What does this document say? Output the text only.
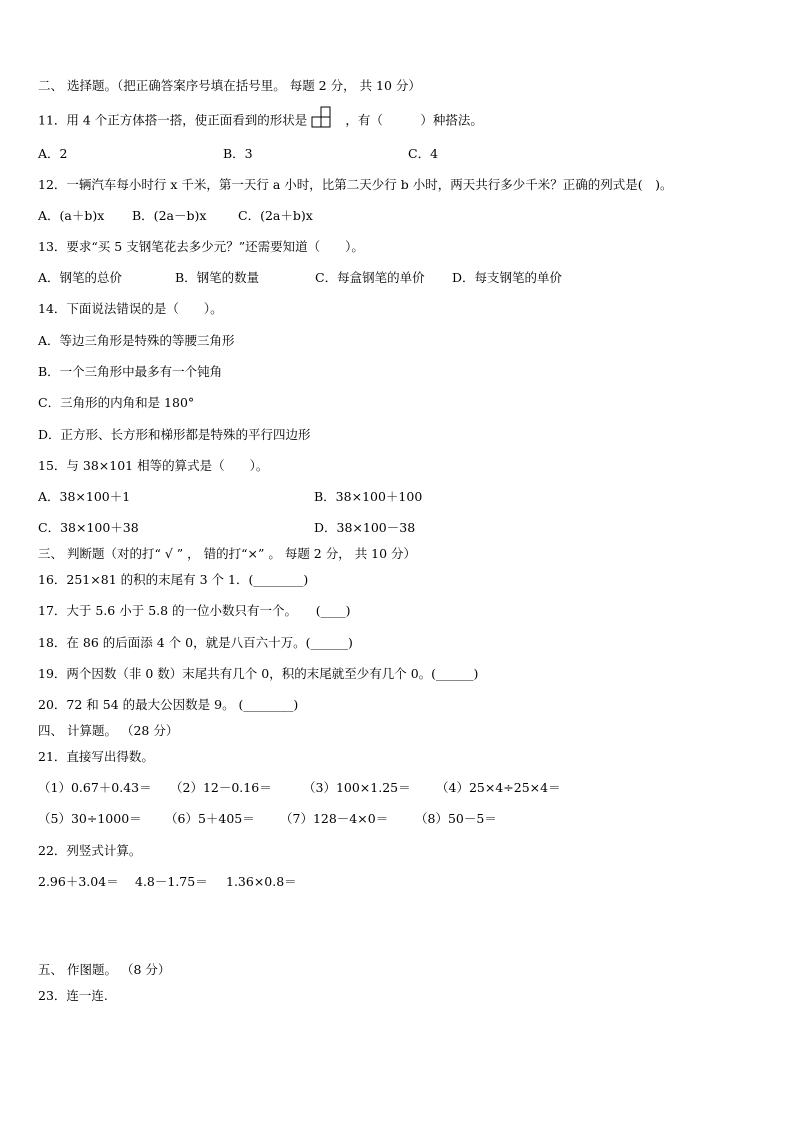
二、 选择题。（把正确答案序号填在括号里。 每题 2 分， 共 10 分）
11．用 4 个正方体搭一搭，使正面看到的形状是	，有（　　　）种搭法。
A．2	B．3	C．4
12．一辆汽车每小时行 x 千米，第一天行 a 小时，比第二天少行 b 小时，两天共行多少千米？正确的列式是(　)。
A．(a＋b)x B．(2a－b)x	C．(2a＋b)x
13．要求“买 5 支钢笔花去多少元？”还需要知道（　　）。
A．钢笔的总价	B．钢笔的数量	C．每盒钢笔的单价 D．每支钢笔的单价
14．下面说法错误的是（　　）。
A．等边三角形是特殊的等腰三角形
B．一个三角形中最多有一个钝角
C．三角形的内角和是 180°
D．正方形、长方形和梯形都是特殊的平行四边形
15．与 38×101 相等的算式是（　　）。
A．38×100＋1	B．38×100＋100
C．38×100＋38	D．38×100－38
三、 判断题（对的打“ √ ” ， 错的打“×” 。 每题 2 分， 共 10 分）
16．251×81 的积的末尾有 3 个 1．(________)
17．大于 5.6 小于 5.8 的一位小数只有一个。　　(____)
18．在 86 的后面添 4 个 0，就是八百六十万。(______)
19．两个因数（非 0 数）末尾共有几个 0，积的末尾就至少有几个 0。(______)
20．72 和 54 的最大公因数是 9。 (________)
四、 计算题。 （28 分）
21．直接写出得数。
（1）0.67＋0.43＝ （2）12－0.16＝	（3）100×1.25＝ （4）25×4÷25×4＝
（5）30÷1000＝ （6）5＋405＝ （7）128－4×0＝ （8）50－5＝
22．列竖式计算。
2.96＋3.04＝ 4.8－1.75＝ 1.36×0.8＝
五、 作图题。 （8 分）
23．连一连.
